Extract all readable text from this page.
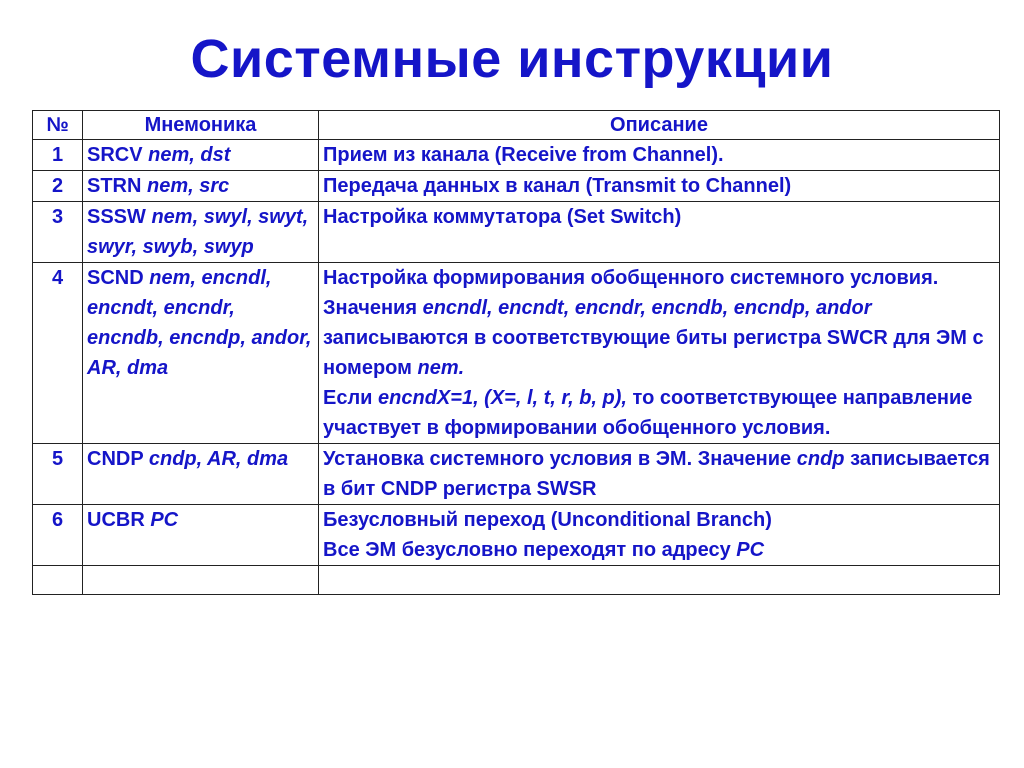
Системные инструкции
№	Мнемоника	Описание
1	SRCV nem, dst	Прием из канала (Receive from Channel).
2	STRN nem, src	Передача данных в канал (Transmit to Channel)
3	SSSW nem, swyl, swyt, swyr, swyb, swyp	Настройка коммутатора (Set Switch)
4	SCND nem, encndl, encndt, encndr, encndb, encndp, andor, AR, dma	Настройка формирования обобщенного системного условия. Значения encndl, encndt, encndr, encndb, encndp, andor записываются в соответствующие биты регистра SWCR для ЭМ с номером nem.
Если encndX=1, (X=, l, t, r, b, p), то соответствующее направление участвует в формировании обобщенного условия.
5	CNDP cndp, AR, dma	Установка системного условия в ЭМ. Значение cndp записывается в бит CNDP регистра SWSR
6	UCBR PC	Безусловный переход (Unconditional Branch)
Все ЭМ безусловно переходят по адресу PC
